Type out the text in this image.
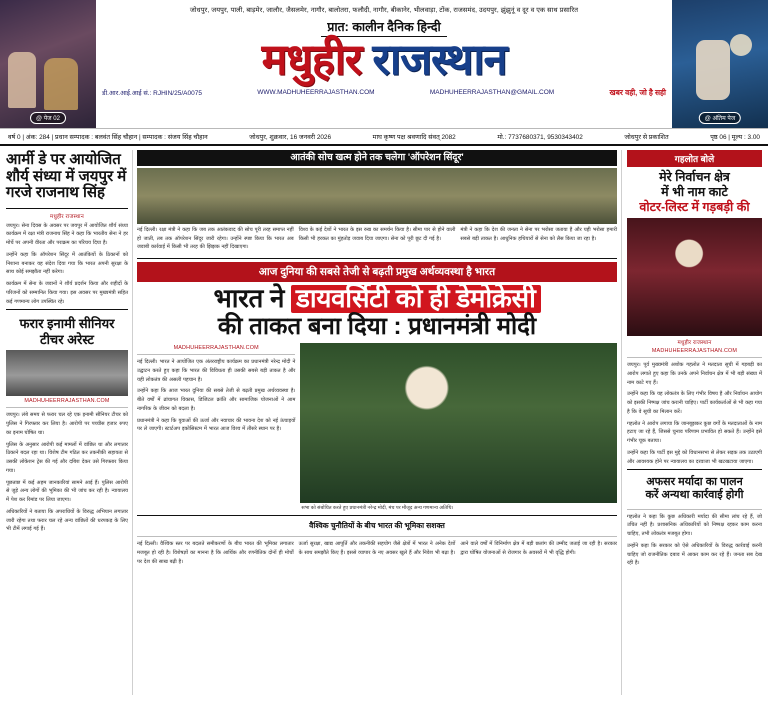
@ पेज 02	@ अंतिम पेज
जोधपुर, जयपुर, पाली, बाड़मेर, जालौर, जैसलमेर, नागौर, बालोतरा, फलौदी, नागौर, बीकानेर, भीलवाड़ा, टोंक, राजसमंद, उदयपुर, झुंझुनूं व दूर व एक साथ प्रसारित
प्रात: कालीन दैनिक हिन्दी
मधुहीर राजस्थान
डी.आर.आई.आई सं.: RJHIN/25/A0075	WWW.MADHUHEERRAJASTHAN.COM	MADHUHEERRAJASTHAN@GMAIL.COM	खबर वही, जो है सही
वर्ष 0 | अंक: 284 | प्रधान सम्पादक : बलवंत सिंह चौहान | सम्पादक : संजय सिंह चौहान	जोधपुर, शुक्रवार, 16 जनवरी 2026	माघ कृष्ण पक्ष श्रवणादि संवत् 2082	मो.: 7737680371, 9530343402	जोधपुर से प्रकाशित	पृष्ठ 06 | मूल्य : 3.00
आर्मी डे पर आयोजित शौर्य संध्या में जयपुर में गरजे राजनाथ सिंह
मधुहीर राजस्थान

जयपुर। सेना दिवस के अवसर पर जयपुर में आयोजित शौर्य संध्या कार्यक्रम में रक्षा मंत्री राजनाथ सिंह ने कहा कि भारतीय सेना ने हर मोर्चे पर अपनी वीरता और पराक्रम का परिचय दिया है।

उन्होंने कहा कि ऑपरेशन सिंदूर में आतंकियों के ठिकानों को निशाना बनाकर यह संदेश दिया गया कि भारत अपनी सुरक्षा के साथ कोई समझौता नहीं करेगा।

कार्यक्रम में सेना के जवानों ने शौर्य प्रदर्शन किया और शहीदों के परिजनों को सम्मानित किया गया। इस अवसर पर मुख्यमंत्री सहित कई गणमान्य लोग उपस्थित रहे।

फरार इनामी सीनियर टीचर अरेस्ट
MADHUHEERRAJASTHAN.COM

जयपुर। लंबे समय से फरार चल रहे एक इनामी सीनियर टीचर को पुलिस ने गिरफ्तार कर लिया है। आरोपी पर पच्चीस हजार रुपए का इनाम घोषित था।

पुलिस के अनुसार आरोपी कई मामलों में वांछित था और लगातार ठिकाने बदल रहा था। विशेष टीम गठित कर तकनीकी सहायता से उसकी लोकेशन ट्रेस की गई और दबिश देकर उसे गिरफ्तार किया गया।

पूछताछ में कई अहम जानकारियां सामने आई हैं। पुलिस आरोपी से जुड़े अन्य लोगों की भूमिका की भी जांच कर रही है। न्यायालय में पेश कर रिमांड पर लिया जाएगा।

अधिकारियों ने बताया कि अपराधियों के विरुद्ध अभियान लगातार जारी रहेगा तथा फरार चल रहे अन्य वांछितों की धरपकड़ के लिए भी टीमें लगाई गई हैं।

आतंकी सोच खत्म होने तक चलेगा 'ऑपरेशन सिंदूर'

नई दिल्ली। रक्षा मंत्री ने कहा कि जब तक आतंकवाद की सोच पूरी तरह समाप्त नहीं हो जाती, तब तक ऑपरेशन सिंदूर जारी रहेगा। उन्होंने स्पष्ट किया कि भारत अब जवाबी कार्रवाई में किसी भी तरह की झिझक नहीं दिखाएगा।

विश्व के कई देशों ने भारत के इस रुख का समर्थन किया है। सीमा पार से होने वाली किसी भी हरकत का मुंहतोड़ जवाब दिया जाएगा। सेना को पूरी छूट दी गई है।

मंत्री ने कहा कि देश की जनता ने सेना पर भरोसा जताया है और यही भरोसा हमारी सबसे बड़ी ताकत है। आधुनिक हथियारों से सेना को लैस किया जा रहा है।

आज दुनिया की सबसे तेजी से बढ़ती प्रमुख अर्थव्यवस्था है भारत
भारत ने डायवर्सिटी को ही डेमोक्रेसी
की ताकत बना दिया : प्रधानमंत्री मोदी
MADHUHEERRAJASTHAN.COM

नई दिल्ली। भारत ने आयोजित एक अंतरराष्ट्रीय कार्यक्रम का प्रधानमंत्री नरेन्द्र मोदी ने उद्घाटन करते हुए कहा कि भारत की विविधता ही उसकी सबसे बड़ी ताकत है और यही लोकतंत्र की असली पहचान है।

उन्होंने कहा कि आज भारत दुनिया की सबसे तेजी से बढ़ती प्रमुख अर्थव्यवस्था है। बीते वर्षों में ढांचागत विकास, डिजिटल क्रांति और सामाजिक योजनाओं ने आम नागरिक के जीवन को बदला है।

प्रधानमंत्री ने कहा कि युवाओं की ऊर्जा और नवाचार की भावना देश को नई ऊंचाइयों पर ले जाएगी। स्टार्टअप इकोसिस्टम में भारत आज विश्व में तीसरे स्थान पर है।

सभा को संबोधित करते हुए प्रधानमंत्री नरेन्द्र मोदी, मंच पर मौजूद अन्य गणमान्य अतिथि।
वैश्विक चुनौतियों के बीच भारत की भूमिका सशक्त

नई दिल्ली। वैश्विक स्तर पर बदलते समीकरणों के बीच भारत की भूमिका लगातार मजबूत हो रही है। विशेषज्ञों का मानना है कि आर्थिक और रणनीतिक दोनों ही मोर्चों पर देश की साख बढ़ी है।

ऊर्जा सुरक्षा, खाद्य आपूर्ति और तकनीकी सहयोग जैसे क्षेत्रों में भारत ने अनेक देशों के साथ समझौते किए हैं। इससे व्यापार के नए अवसर खुले हैं और निवेश भी बढ़ा है।

आने वाले वर्षों में विनिर्माण क्षेत्र में बड़ी छलांग की उम्मीद जताई जा रही है। सरकार द्वारा घोषित योजनाओं से रोजगार के अवसरों में भी वृद्धि होगी।

गहलोत बोले
मेरे निर्वाचन क्षेत्र
में भी नाम काटे
वोटर-लिस्ट में गड़बड़ी की
मधुहीर राजस्थान
MADHUHEERRAJASTHAN.COM

जयपुर। पूर्व मुख्यमंत्री अशोक गहलोत ने मतदाता सूची में गड़बड़ी का आरोप लगाते हुए कहा कि उनके अपने निर्वाचन क्षेत्र में भी बड़ी संख्या में नाम काटे गए हैं।

उन्होंने कहा कि यह लोकतंत्र के लिए गंभीर विषय है और निर्वाचन आयोग को इसकी निष्पक्ष जांच करानी चाहिए। पार्टी कार्यकर्ताओं से भी कहा गया है कि वे सूची का मिलान करें।

गहलोत ने आरोप लगाया कि जानबूझकर कुछ वर्गों के मतदाताओं के नाम हटाए जा रहे हैं, जिससे चुनाव परिणाम प्रभावित हो सकते हैं। उन्होंने इसे गंभीर चूक बताया।

उन्होंने कहा कि पार्टी इस मुद्दे को विधानसभा से लेकर सड़क तक उठाएगी और आवश्यक होने पर न्यायालय का दरवाजा भी खटखटाया जाएगा।

अफसर मर्यादा का पालन
करें अन्यथा कार्रवाई होगी

गहलोत ने कहा कि कुछ अधिकारी मर्यादा की सीमा लांघ रहे हैं, जो उचित नहीं है। प्रशासनिक अधिकारियों को निष्पक्ष रहकर काम करना चाहिए, तभी लोकतंत्र मजबूत होगा।

उन्होंने कहा कि सरकार को ऐसे अधिकारियों के विरुद्ध कार्रवाई करनी चाहिए जो राजनीतिक दबाव में आकर काम कर रहे हैं। जनता सब देख रही है।
